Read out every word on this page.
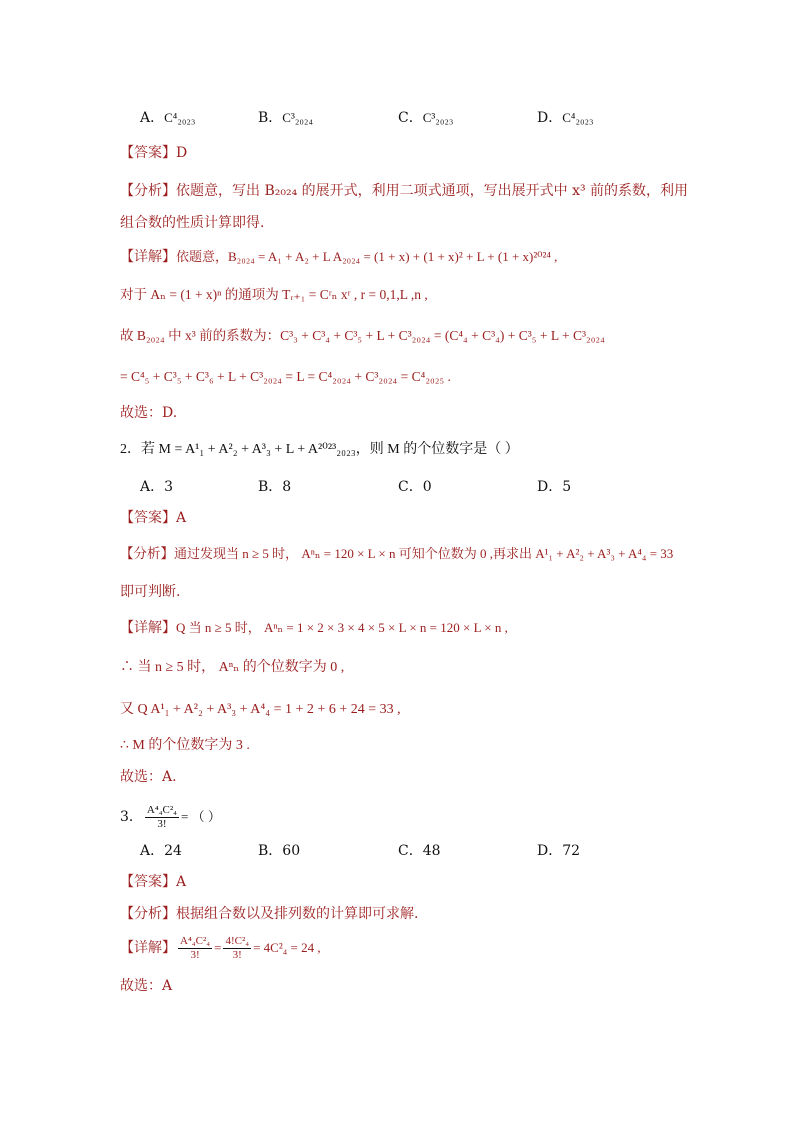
A．C⁴₂₀₂₃	B．C³₂₀₂₄	C．C³₂₀₂₃	D．C⁴₂₀₂₃
【答案】D
【分析】依题意，写出 B₂₀₂₄ 的展开式，利用二项式通项，写出展开式中 x³ 前的系数，利用
组合数的性质计算即得.
【详解】依题意，B₂₀₂₄ = A₁ + A₂ + L A₂₀₂₄ = (1 + x) + (1 + x)² + L + (1 + x)²⁰²⁴ ,
对于 Aₙ = (1 + x)ⁿ 的通项为 Tᵣ₊₁ = Cʳₙ xʳ , r = 0,1,L ,n ,
故 B₂₀₂₄ 中 x³ 前的系数为：C³₃ + C³₄ + C³₅ + L + C³₂₀₂₄ = (C⁴₄ + C³₄) + C³₅ + L + C³₂₀₂₄
= C⁴₅ + C³₅ + C³₆ + L + C³₂₀₂₄ = L = C⁴₂₀₂₄ + C³₂₀₂₄ = C⁴₂₀₂₅ .
故选：D.
2．若 M = A¹₁ + A²₂ + A³₃ + L + A²⁰²³₂₀₂₃，则 M 的个位数字是（ ）
A．3	B．8	C．0	D．5
【答案】A
【分析】通过发现当 n ≥ 5 时， Aⁿₙ = 120 × L × n 可知个位数为 0 ,再求出 A¹₁ + A²₂ + A³₃ + A⁴₄ = 33
即可判断.
【详解】Q 当 n ≥ 5 时， Aⁿₙ = 1 × 2 × 3 × 4 × 5 × L × n = 120 × L × n ,
∴ 当 n ≥ 5 时， Aⁿₙ 的个位数字为 0 ,
又 Q A¹₁ + A²₂ + A³₃ + A⁴₄ = 1 + 2 + 6 + 24 = 33 ,
∴ M 的个位数字为 3 .
故选：A.
3． $\frac{\text{A⁴₄C²₄}}{3!}$ = （ ）
A．24	B．60	C．48	D．72
【答案】A
【分析】根据组合数以及排列数的计算即可求解.
【详解】 $\frac{\text{A⁴₄C²₄}}{3!} = \frac{\text{4!C²₄}}{3!} = 4C^2_4 = 24$ ,
故选：A
